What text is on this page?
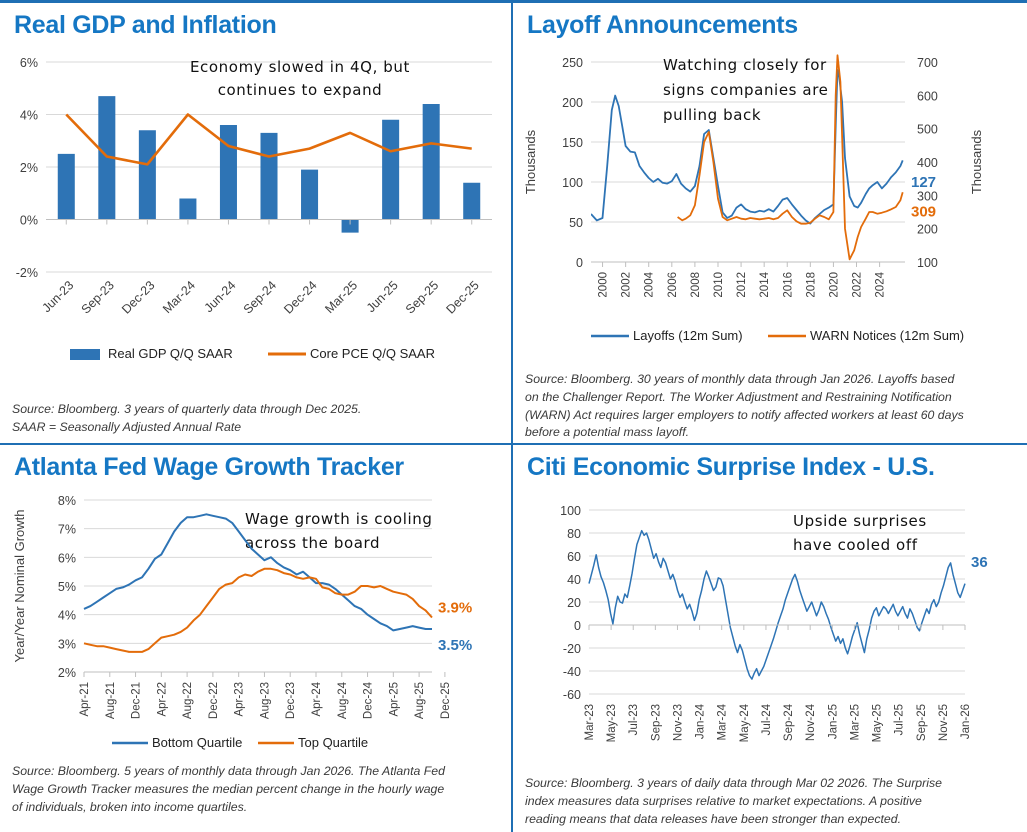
Real GDP and Inflation
-2%
0%
2%
4%
6%	Economy slowed in 4Q, but
continues to expand
Jun-23 Sep-23 Dec-23 Mar-24 Jun-24 Sep-24 Dec-24 Mar-25 Jun-25 Sep-25 Dec-25
Real GDP Q/Q SAAR	Core PCE Q/Q SAAR
Source: Bloomberg. 3 years of quarterly data through Dec 2025.
SAAR = Seasonally Adjusted Annual Rate
Layoff Announcements
0
50
100
150
200
250
100
200
300
400
500
600
700
Thousands	Thousands
Watching closely for
signs companies are
pulling back
127
309
2000 2002 2004 2006 2008 2010 2012 2014 2016 2018 2020 2022 2024
Layoffs (12m Sum)	WARN Notices (12m Sum)
Source: Bloomberg. 30 years of monthly data through Jan 2026. Layoffs based
on the Challenger Report. The Worker Adjustment and Restraining Notification
(WARN) Act requires larger employers to notify affected workers at least 60 days
before a potential mass layoff.
Atlanta Fed Wage Growth Tracker
2%
3%
4%
5%
6%
7%
8%
Year/Year Nominal Growth	Wage growth is cooling
across the board
3.9%
3.5%
Apr-21 Aug-21 Dec-21 Apr-22 Aug-22 Dec-22 Apr-23 Aug-23 Dec-23 Apr-24 Aug-24 Dec-24 Apr-25 Aug-25 Dec-25
Bottom Quartile	Top Quartile
Source: Bloomberg. 5 years of monthly data through Jan 2026. The Atlanta Fed
Wage Growth Tracker measures the median percent change in the hourly wage
of individuals, broken into income quartiles.
Citi Economic Surprise Index - U.S.
-60
-40
-20
0
20
40
60
80
100
Upside surprises
have cooled off
36
Mar-23 May-23 Jul-23 Sep-23 Nov-23 Jan-24 Mar-24 May-24 Jul-24 Sep-24 Nov-24 Jan-25 Mar-25 May-25 Jul-25 Sep-25 Nov-25 Jan-26
Source: Bloomberg. 3 years of daily data through Mar 02 2026. The Surprise
index measures data surprises relative to market expectations. A positive
reading means that data releases have been stronger than expected.
